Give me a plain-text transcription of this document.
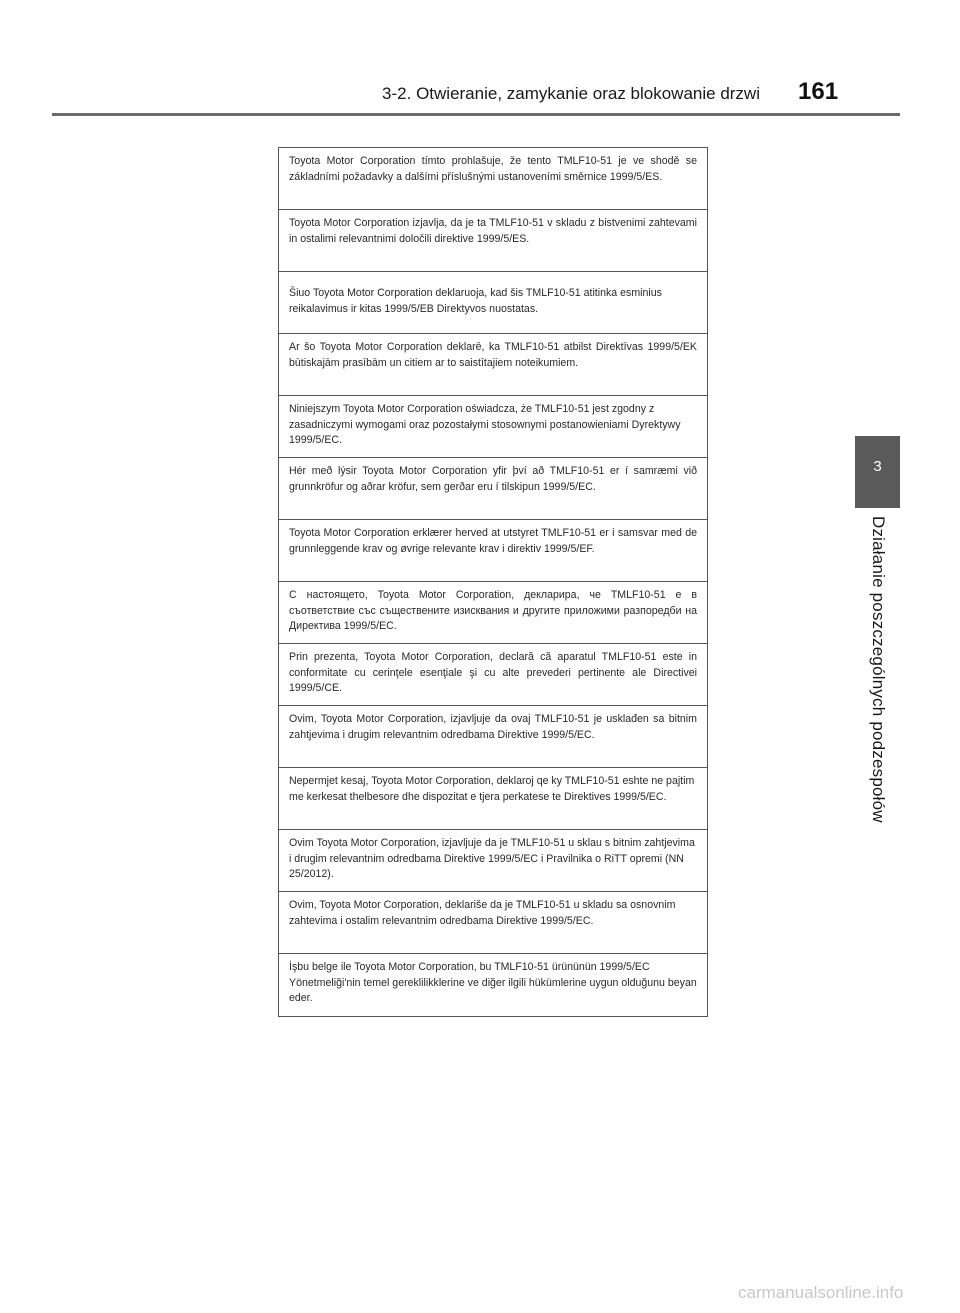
3-2. Otwieranie, zamykanie oraz blokowanie drzwi 161
3
Działanie poszczególnych podzespołów
Toyota Motor Corporation tímto prohlašuje, že tento TMLF10-51 je ve shodě se základními požadavky a dalšími příslušnými ustanoveními směrnice 1999/5/ES.
Toyota Motor Corporation izjavlja, da je ta TMLF10-51 v skladu z bistvenimi zahtevami in ostalimi relevantnimi določili direktive 1999/5/ES.
Šiuo Toyota Motor Corporation deklaruoja, kad šis TMLF10-51 atitinka esminius reikalavimus ir kitas 1999/5/EB Direktyvos nuostatas.
Ar šo Toyota Motor Corporation deklarē, ka TMLF10-51 atbilst Direktīvas 1999/5/EK būtiskajām prasībām un citiem ar to saistītajiem noteikumiem.
Niniejszym Toyota Motor Corporation oświadcza, że TMLF10-51 jest zgodny z zasadniczymi wymogami oraz pozostałymi stosownymi postanowieniami Dyrektywy 1999/5/EC.
Hér með lýsir Toyota Motor Corporation yfir því að TMLF10-51 er í samræmi við grunnkröfur og aðrar kröfur, sem gerðar eru í tilskipun 1999/5/EC.
Toyota Motor Corporation erklærer herved at utstyret TMLF10-51 er i samsvar med de grunnleggende krav og øvrige relevante krav i direktiv 1999/5/EF.
С настоящето, Toyota Motor Corporation, декларира, че TMLF10-51 е в съответствие със съществените изисквания и другите приложими разпоредби на Директива 1999/5/ЕС.
Prin prezenta, Toyota Motor Corporation, declară că aparatul TMLF10-51 este in conformitate cu cerinţele esenţiale şi cu alte prevederi pertinente ale Directivei 1999/5/CE.
Ovim, Toyota Motor Corporation, izjavljuje da ovaj TMLF10-51 je usklađen sa bitnim zahtjevima i drugim relevantnim odredbama Direktive 1999/5/EC.
Nepermjet kesaj, Toyota Motor Corporation, deklaroj qe ky TMLF10-51 eshte ne pajtim me kerkesat thelbesore dhe dispozitat e tjera perkatese te Direktives 1999/5/EC.
Ovim Toyota Motor Corporation, izjavljuje da je TMLF10-51 u sklau s bitnim zahtjevima i drugim relevantnim odredbama Direktive 1999/5/EC i Pravilnika o RiTT opremi (NN 25/2012).
Ovim, Toyota Motor Corporation, deklariše da je TMLF10-51 u skladu sa osnovnim zahtevima i ostalim relevantnim odredbama Direktive 1999/5/EC.
İşbu belge ile Toyota Motor Corporation, bu TMLF10-51 ürününün 1999/5/EC Yönetmeliği'nin temel gereklilikklerine ve diğer ilgili hükümlerine uygun olduğunu beyan eder.
carmanualsonline.info
